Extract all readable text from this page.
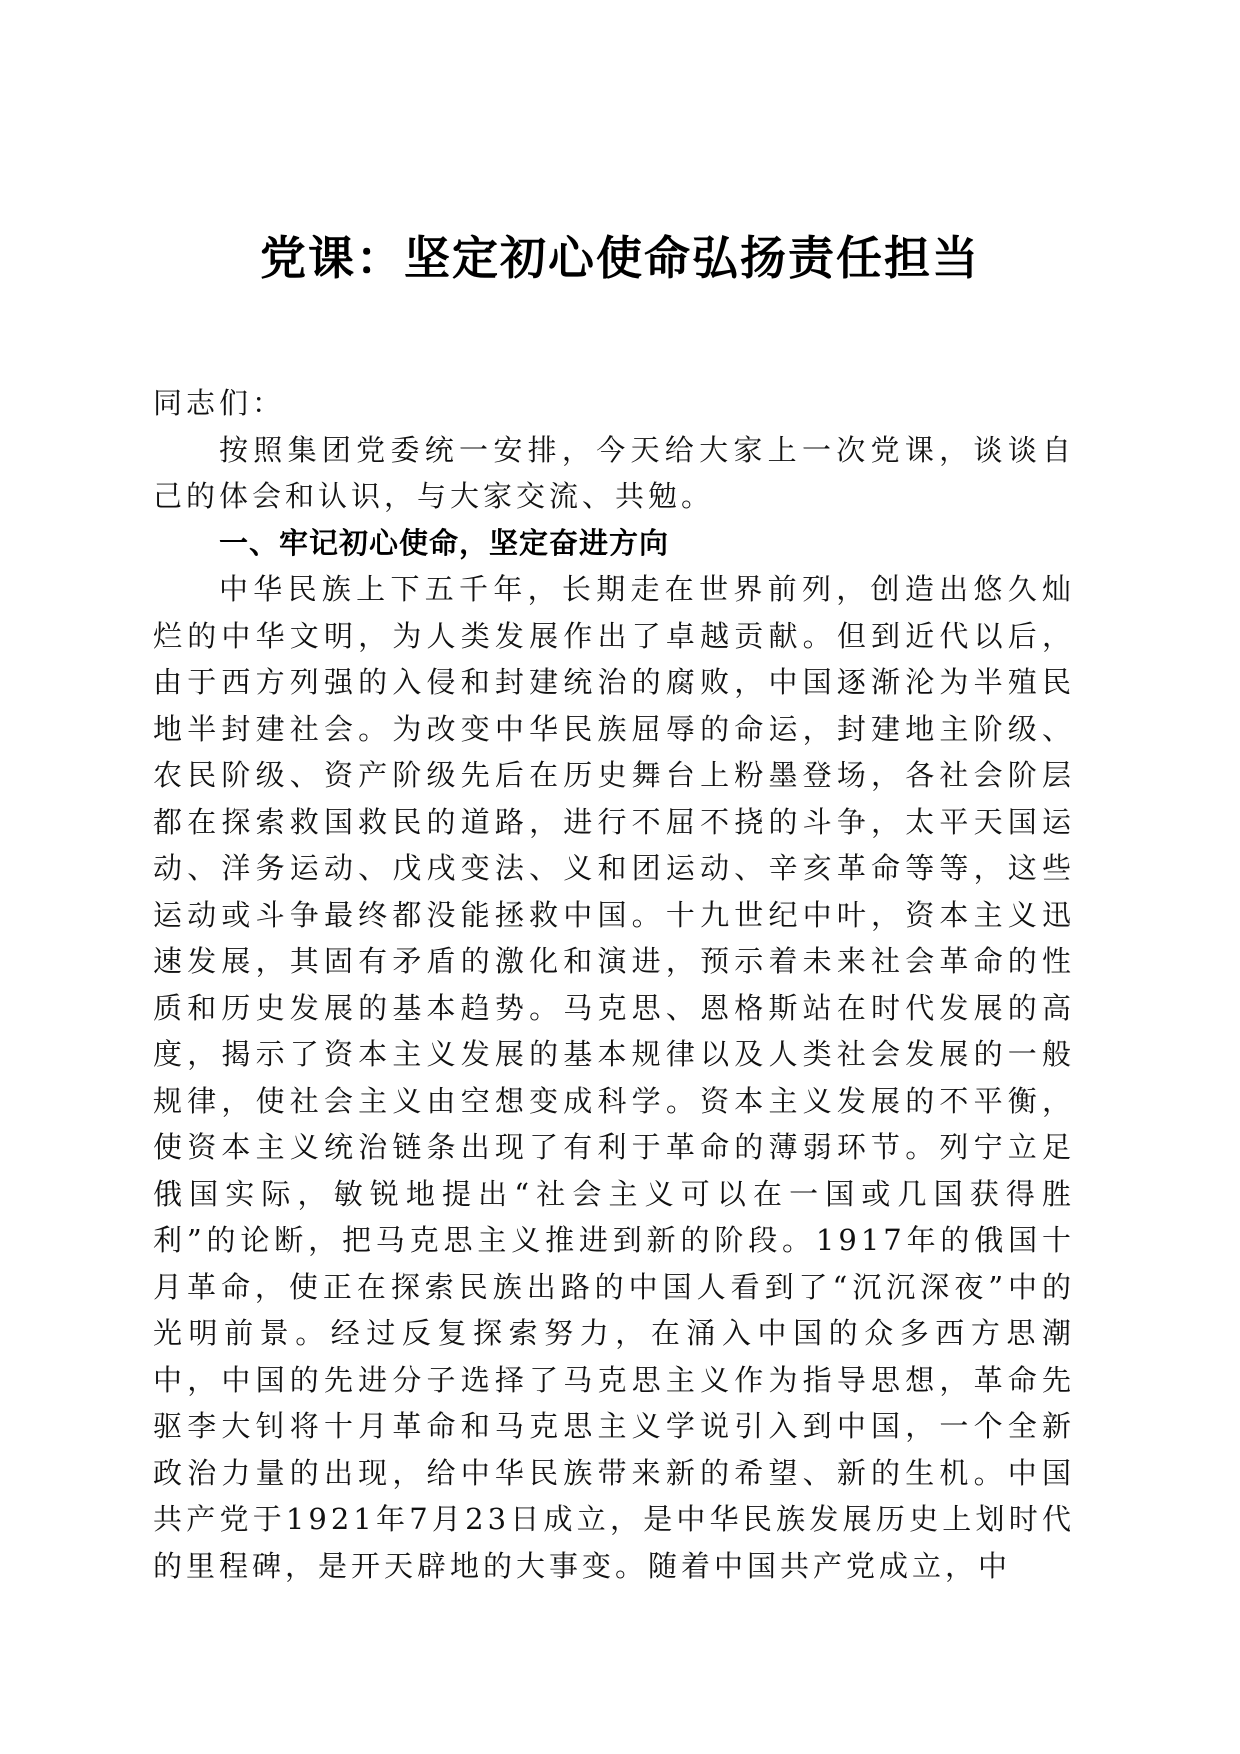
党课：坚定初心使命弘扬责任担当

同志们：

按照集团党委统一安排，今天给大家上一次党课，谈谈自己的体会和认识，与大家交流、共勉。

一、牢记初心使命，坚定奋进方向

中华民族上下五千年，长期走在世界前列，创造出悠久灿烂的中华文明，为人类发展作出了卓越贡献。但到近代以后，由于西方列强的入侵和封建统治的腐败，中国逐渐沦为半殖民地半封建社会。为改变中华民族屈辱的命运，封建地主阶级、农民阶级、资产阶级先后在历史舞台上粉墨登场，各社会阶层都在探索救国救民的道路，进行不屈不挠的斗争，太平天国运动、洋务运动、戊戌变法、义和团运动、辛亥革命等等，这些运动或斗争最终都没能拯救中国。十九世纪中叶，资本主义迅速发展，其固有矛盾的激化和演进，预示着未来社会革命的性质和历史发展的基本趋势。马克思、恩格斯站在时代发展的高度，揭示了资本主义发展的基本规律以及人类社会发展的一般规律，使社会主义由空想变成科学。资本主义发展的不平衡，使资本主义统治链条出现了有利于革命的薄弱环节。列宁立足俄国实际，敏锐地提出“社会主义可以在一国或几国获得胜利”的论断，把马克思主义推进到新的阶段。1917年的俄国十月革命，使正在探索民族出路的中国人看到了“沉沉深夜”中的光明前景。经过反复探索努力，在涌入中国的众多西方思潮中，中国的先进分子选择了马克思主义作为指导思想，革命先驱李大钊将十月革命和马克思主义学说引入到中国，一个全新政治力量的出现，给中华民族带来新的希望、新的生机。中国共产党于1921年7月23日成立，是中华民族发展历史上划时代的里程碑，是开天辟地的大事变。随着中国共产党成立，中
